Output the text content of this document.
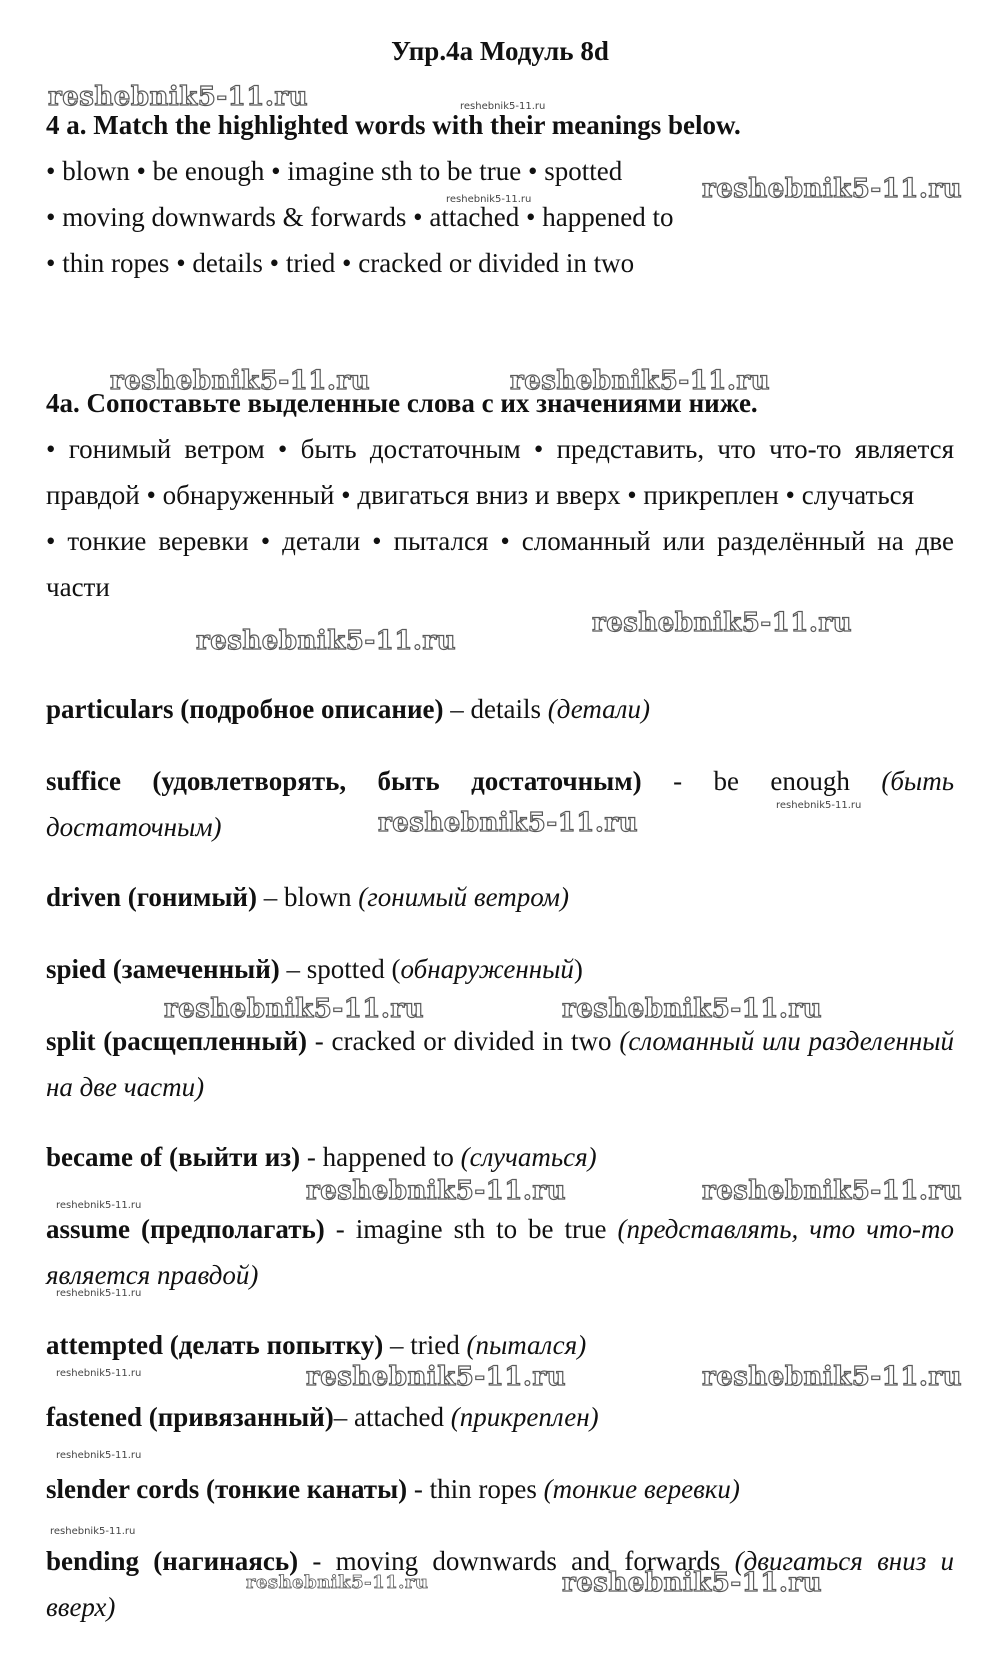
Упр.4a Модуль 8d
4 a. Match the highlighted words with their meanings below.
• blown • be enough • imagine sth to be true • spotted
• moving downwards & forwards • attached • happened to
• thin ropes • details • tried • cracked or divided in two
4a. Сопоставьте выделенные слова с их значениями ниже.
• гонимый ветром • быть достаточным • представить, что что-то является правдой • обнаруженный • двигаться вниз и вверх • прикреплен • случаться
• тонкие веревки • детали • пытался • сломанный или разделённый на две части
particulars (подробное описание) – details (детали)
suffice (удовлетворять, быть достаточным) - be enough (быть достаточным)
driven (гонимый) – blown (гонимый ветром)
spied (замеченный) – spotted (обнаруженный)
split (расщепленный) - cracked or divided in two (сломанный или разделенный на две части)
became of (выйти из) - happened to (случаться)
assume (предполагать) - imagine sth to be true (представлять, что что-то является правдой)
attempted (делать попытку) – tried (пытался)
fastened (привязанный)– attached (прикреплен)
slender cords (тонкие канаты) - thin ropes (тонкие веревки)
bending (нагинаясь) - moving downwards and forwards (двигаться вниз и вверх)
reshebnik5-11.ru
reshebnik5-11.ru
reshebnik5-11.ru	reshebnik5-11.ru
reshebnik5-11.ru
reshebnik5-11.ru
reshebnik5-11.ru
reshebnik5-11.ru	reshebnik5-11.ru
reshebnik5-11.ru	reshebnik5-11.ru
reshebnik5-11.ru	reshebnik5-11.ru
reshebnik5-11.ru
reshebnik5-11.ru
reshebnik5-11.ru
reshebnik5-11.ru
reshebnik5-11.ru
reshebnik5-11.ru
reshebnik5-11.ru
reshebnik5-11.ru
reshebnik5-11.ru
reshebnik5-11.ru
